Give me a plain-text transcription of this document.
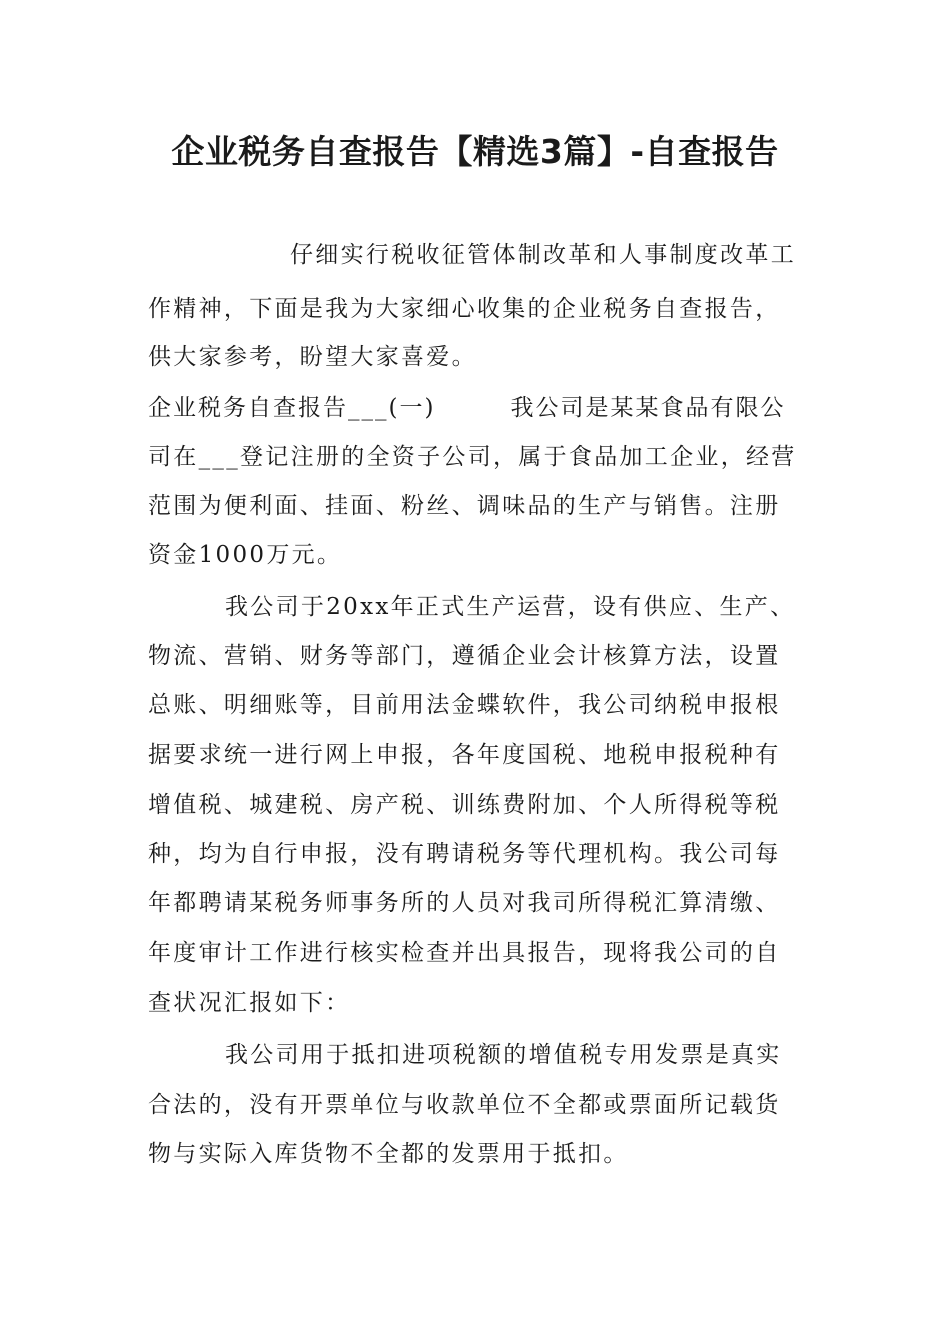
企业税务自查报告【精选3篇】-自查报告

仔细实行税收征管体制改革和人事制度改革工

作精神，下面是我为大家细心收集的企业税务自查报告，

供大家参考，盼望大家喜爱。

企业税务自查报告___(一)　　　我公司是某某食品有限公

司在___登记注册的全资子公司，属于食品加工企业，经营

范围为便利面、挂面、粉丝、调味品的生产与销售。注册

资金1000万元。

我公司于20xx年正式生产运营，设有供应、生产、

物流、营销、财务等部门，遵循企业会计核算方法，设置

总账、明细账等，目前用法金蝶软件，我公司纳税申报根

据要求统一进行网上申报，各年度国税、地税申报税种有

增值税、城建税、房产税、训练费附加、个人所得税等税

种，均为自行申报，没有聘请税务等代理机构。我公司每

年都聘请某税务师事务所的人员对我司所得税汇算清缴、

年度审计工作进行核实检查并出具报告，现将我公司的自

查状况汇报如下：

我公司用于抵扣进项税额的增值税专用发票是真实

合法的，没有开票单位与收款单位不全都或票面所记载货

物与实际入库货物不全都的发票用于抵扣。
